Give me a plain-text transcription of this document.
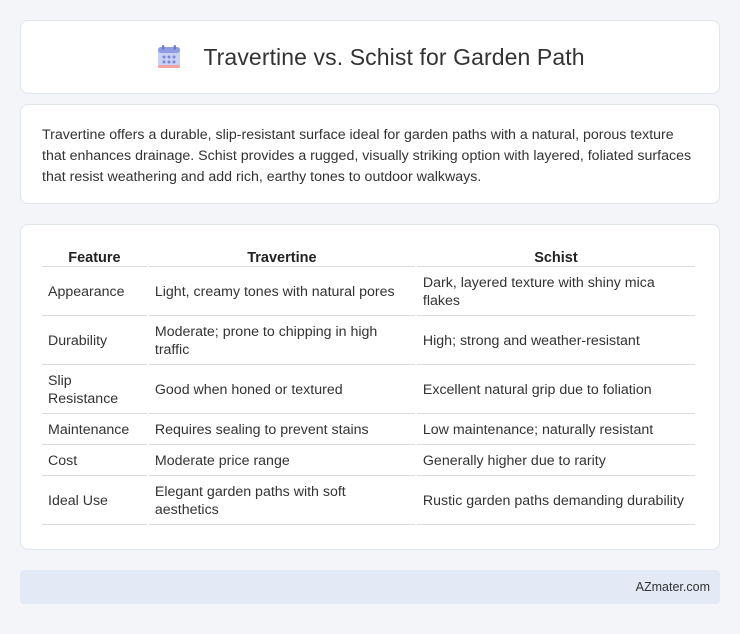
Travertine vs. Schist for Garden Path

Travertine offers a durable, slip-resistant surface ideal for garden paths with a natural, porous texture that enhances drainage. Schist provides a rugged, visually striking option with layered, foliated surfaces that resist weathering and add rich, earthy tones to outdoor walkways.

Feature	Travertine	Schist
Appearance	Light, creamy tones with natural pores	Dark, layered texture with shiny mica flakes
Durability	Moderate; prone to chipping in high traffic	High; strong and weather-resistant
Slip Resistance	Good when honed or textured	Excellent natural grip due to foliation
Maintenance	Requires sealing to prevent stains	Low maintenance; naturally resistant
Cost	Moderate price range	Generally higher due to rarity
Ideal Use	Elegant garden paths with soft aesthetics	Rustic garden paths demanding durability
AZmater.com
